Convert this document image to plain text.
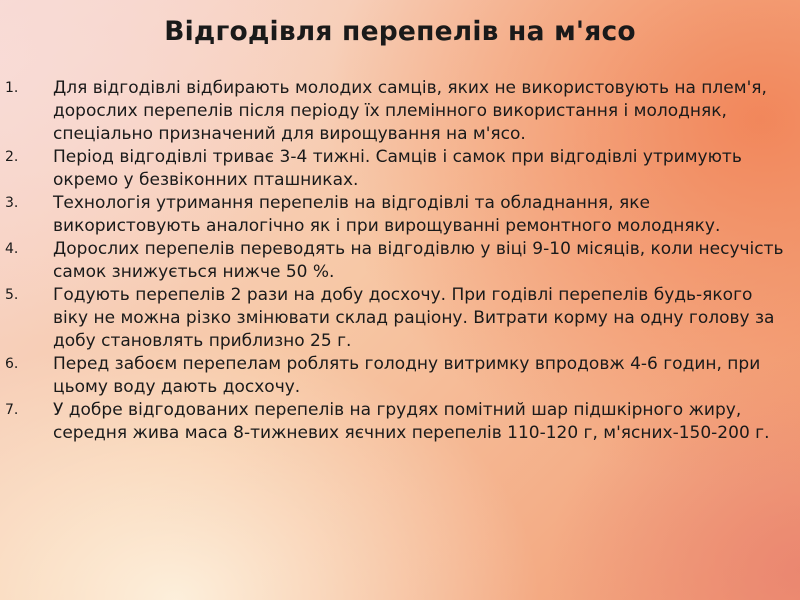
Відгодівля перепелів на м'ясо
1. Для відгодівлі відбирають молодих самців, яких не використовують на плем'я, дорослих перепелів після періоду їх племінного використання і молодняк, спеціально призначений для вирощування на м'ясо.
2. Період відгодівлі триває 3-4 тижні. Самців і самок при відгодівлі утримують окремо у безвіконних пташниках.
3. Технологія утримання перепелів на відгодівлі та обладнання, яке використовують аналогічно як і при вирощуванні ремонтного молодняку.
4. Дорослих перепелів переводять на відгодівлю у віці 9-10 місяців, коли несучість самок знижується нижче 50 %.
5. Годують перепелів 2 рази на добу досхочу. При годівлі перепелів будь-якого віку не можна різко змінювати склад раціону. Витрати корму на одну голову за добу становлять приблизно 25 г.
6. Перед забоєм перепелам роблять голодну витримку впродовж 4-6 годин, при цьому воду дають досхочу.
7. У добре відгодованих перепелів на грудях помітний шар підшкірного жиру, середня жива маса 8-тижневих яєчних перепелів 110-120 г, м'ясних-150-200 г.
